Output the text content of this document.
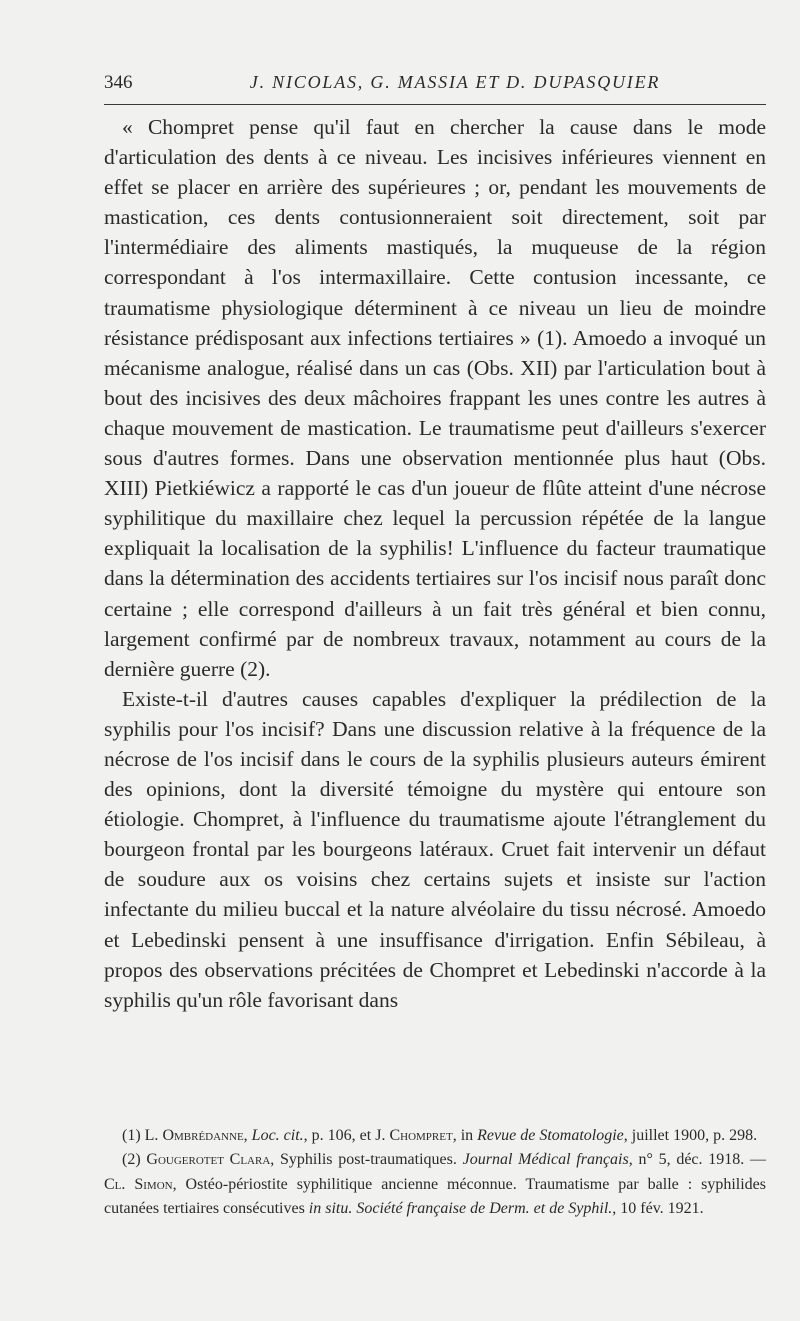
346	J. NICOLAS, G. MASSIA ET D. DUPASQUIER

« Chompret pense qu'il faut en chercher la cause dans le mode d'articulation des dents à ce niveau. Les incisives inférieures viennent en effet se placer en arrière des supérieures ; or, pendant les mouvements de mastication, ces dents contusionneraient soit directement, soit par l'intermédiaire des aliments mastiqués, la muqueuse de la région correspondant à l'os intermaxillaire. Cette contusion incessante, ce traumatisme physiologique déterminent à ce niveau un lieu de moindre résistance prédisposant aux infections tertiaires » (1). Amoedo a invoqué un mécanisme analogue, réalisé dans un cas (Obs. XII) par l'articulation bout à bout des incisives des deux mâchoires frappant les unes contre les autres à chaque mouvement de mastication. Le traumatisme peut d'ailleurs s'exercer sous d'autres formes. Dans une observation mentionnée plus haut (Obs. XIII) Pietkiéwicz a rapporté le cas d'un joueur de flûte atteint d'une nécrose syphilitique du maxillaire chez lequel la percussion répétée de la langue expliquait la localisation de la syphilis! L'influence du facteur traumatique dans la détermination des accidents tertiaires sur l'os incisif nous paraît donc certaine ; elle correspond d'ailleurs à un fait très général et bien connu, largement confirmé par de nombreux travaux, notamment au cours de la dernière guerre (2).

Existe-t-il d'autres causes capables d'expliquer la prédilection de la syphilis pour l'os incisif? Dans une discussion relative à la fréquence de la nécrose de l'os incisif dans le cours de la syphilis plusieurs auteurs émirent des opinions, dont la diversité témoigne du mystère qui entoure son étiologie. Chompret, à l'influence du traumatisme ajoute l'étranglement du bourgeon frontal par les bourgeons latéraux. Cruet fait intervenir un défaut de soudure aux os voisins chez certains sujets et insiste sur l'action infectante du milieu buccal et la nature alvéolaire du tissu nécrosé. Amoedo et Lebedinski pensent à une insuffisance d'irrigation. Enfin Sébileau, à propos des observations précitées de Chompret et Lebedinski n'accorde à la syphilis qu'un rôle favorisant dans

(1) L. Ombrédanne, Loc. cit., p. 106, et J. Chompret, in Revue de Stomatologie, juillet 1900, p. 298.

(2) Gougerotet Clara, Syphilis post-traumatiques. Journal Médical français, n° 5, déc. 1918. — Cl. Simon, Ostéo-périostite syphilitique ancienne méconnue. Traumatisme par balle : syphilides cutanées tertiaires consécutives in situ. Société française de Derm. et de Syphil., 10 fév. 1921.
